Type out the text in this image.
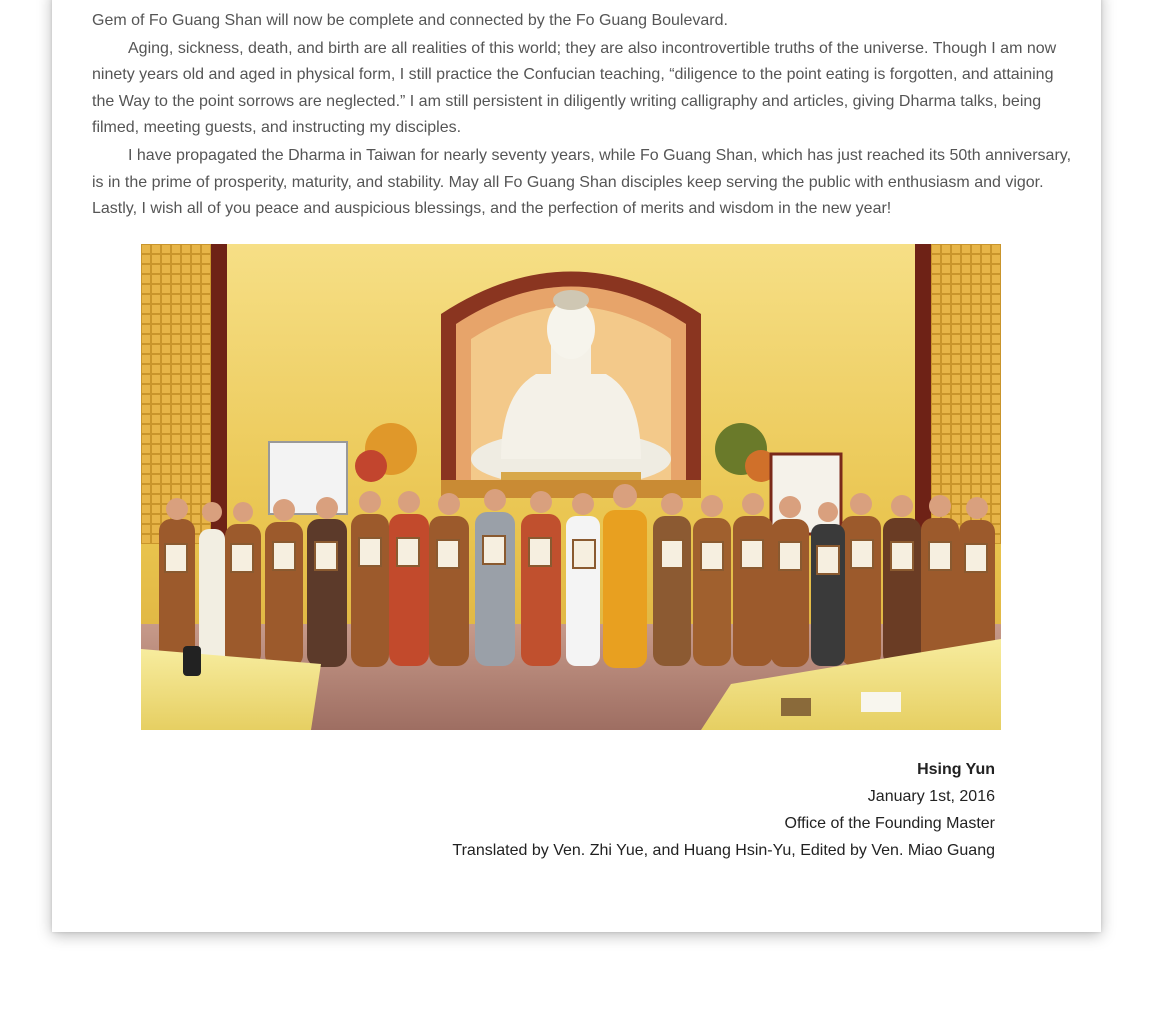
Gem of Fo Guang Shan will now be complete and connected by the Fo Guang Boulevard.

Aging, sickness, death, and birth are all realities of this world; they are also incontrovertible truths of the universe. Though I am now ninety years old and aged in physical form, I still practice the Confucian teaching, “diligence to the point eating is forgotten, and attaining the Way to the point sorrows are neglected.” I am still persistent in diligently writing calligraphy and articles, giving Dharma talks, being filmed, meeting guests, and instructing my disciples.

I have propagated the Dharma in Taiwan for nearly seventy years, while Fo Guang Shan, which has just reached its 50th anniversary, is in the prime of prosperity, maturity, and stability. May all Fo Guang Shan disciples keep serving the public with enthusiasm and vigor. Lastly, I wish all of you peace and auspicious blessings, and the perfection of merits and wisdom in the new year!

Hsing Yun
January 1st, 2016
Office of the Founding Master
Translated by Ven. Zhi Yue, and Huang Hsin-Yu, Edited by Ven. Miao Guang
